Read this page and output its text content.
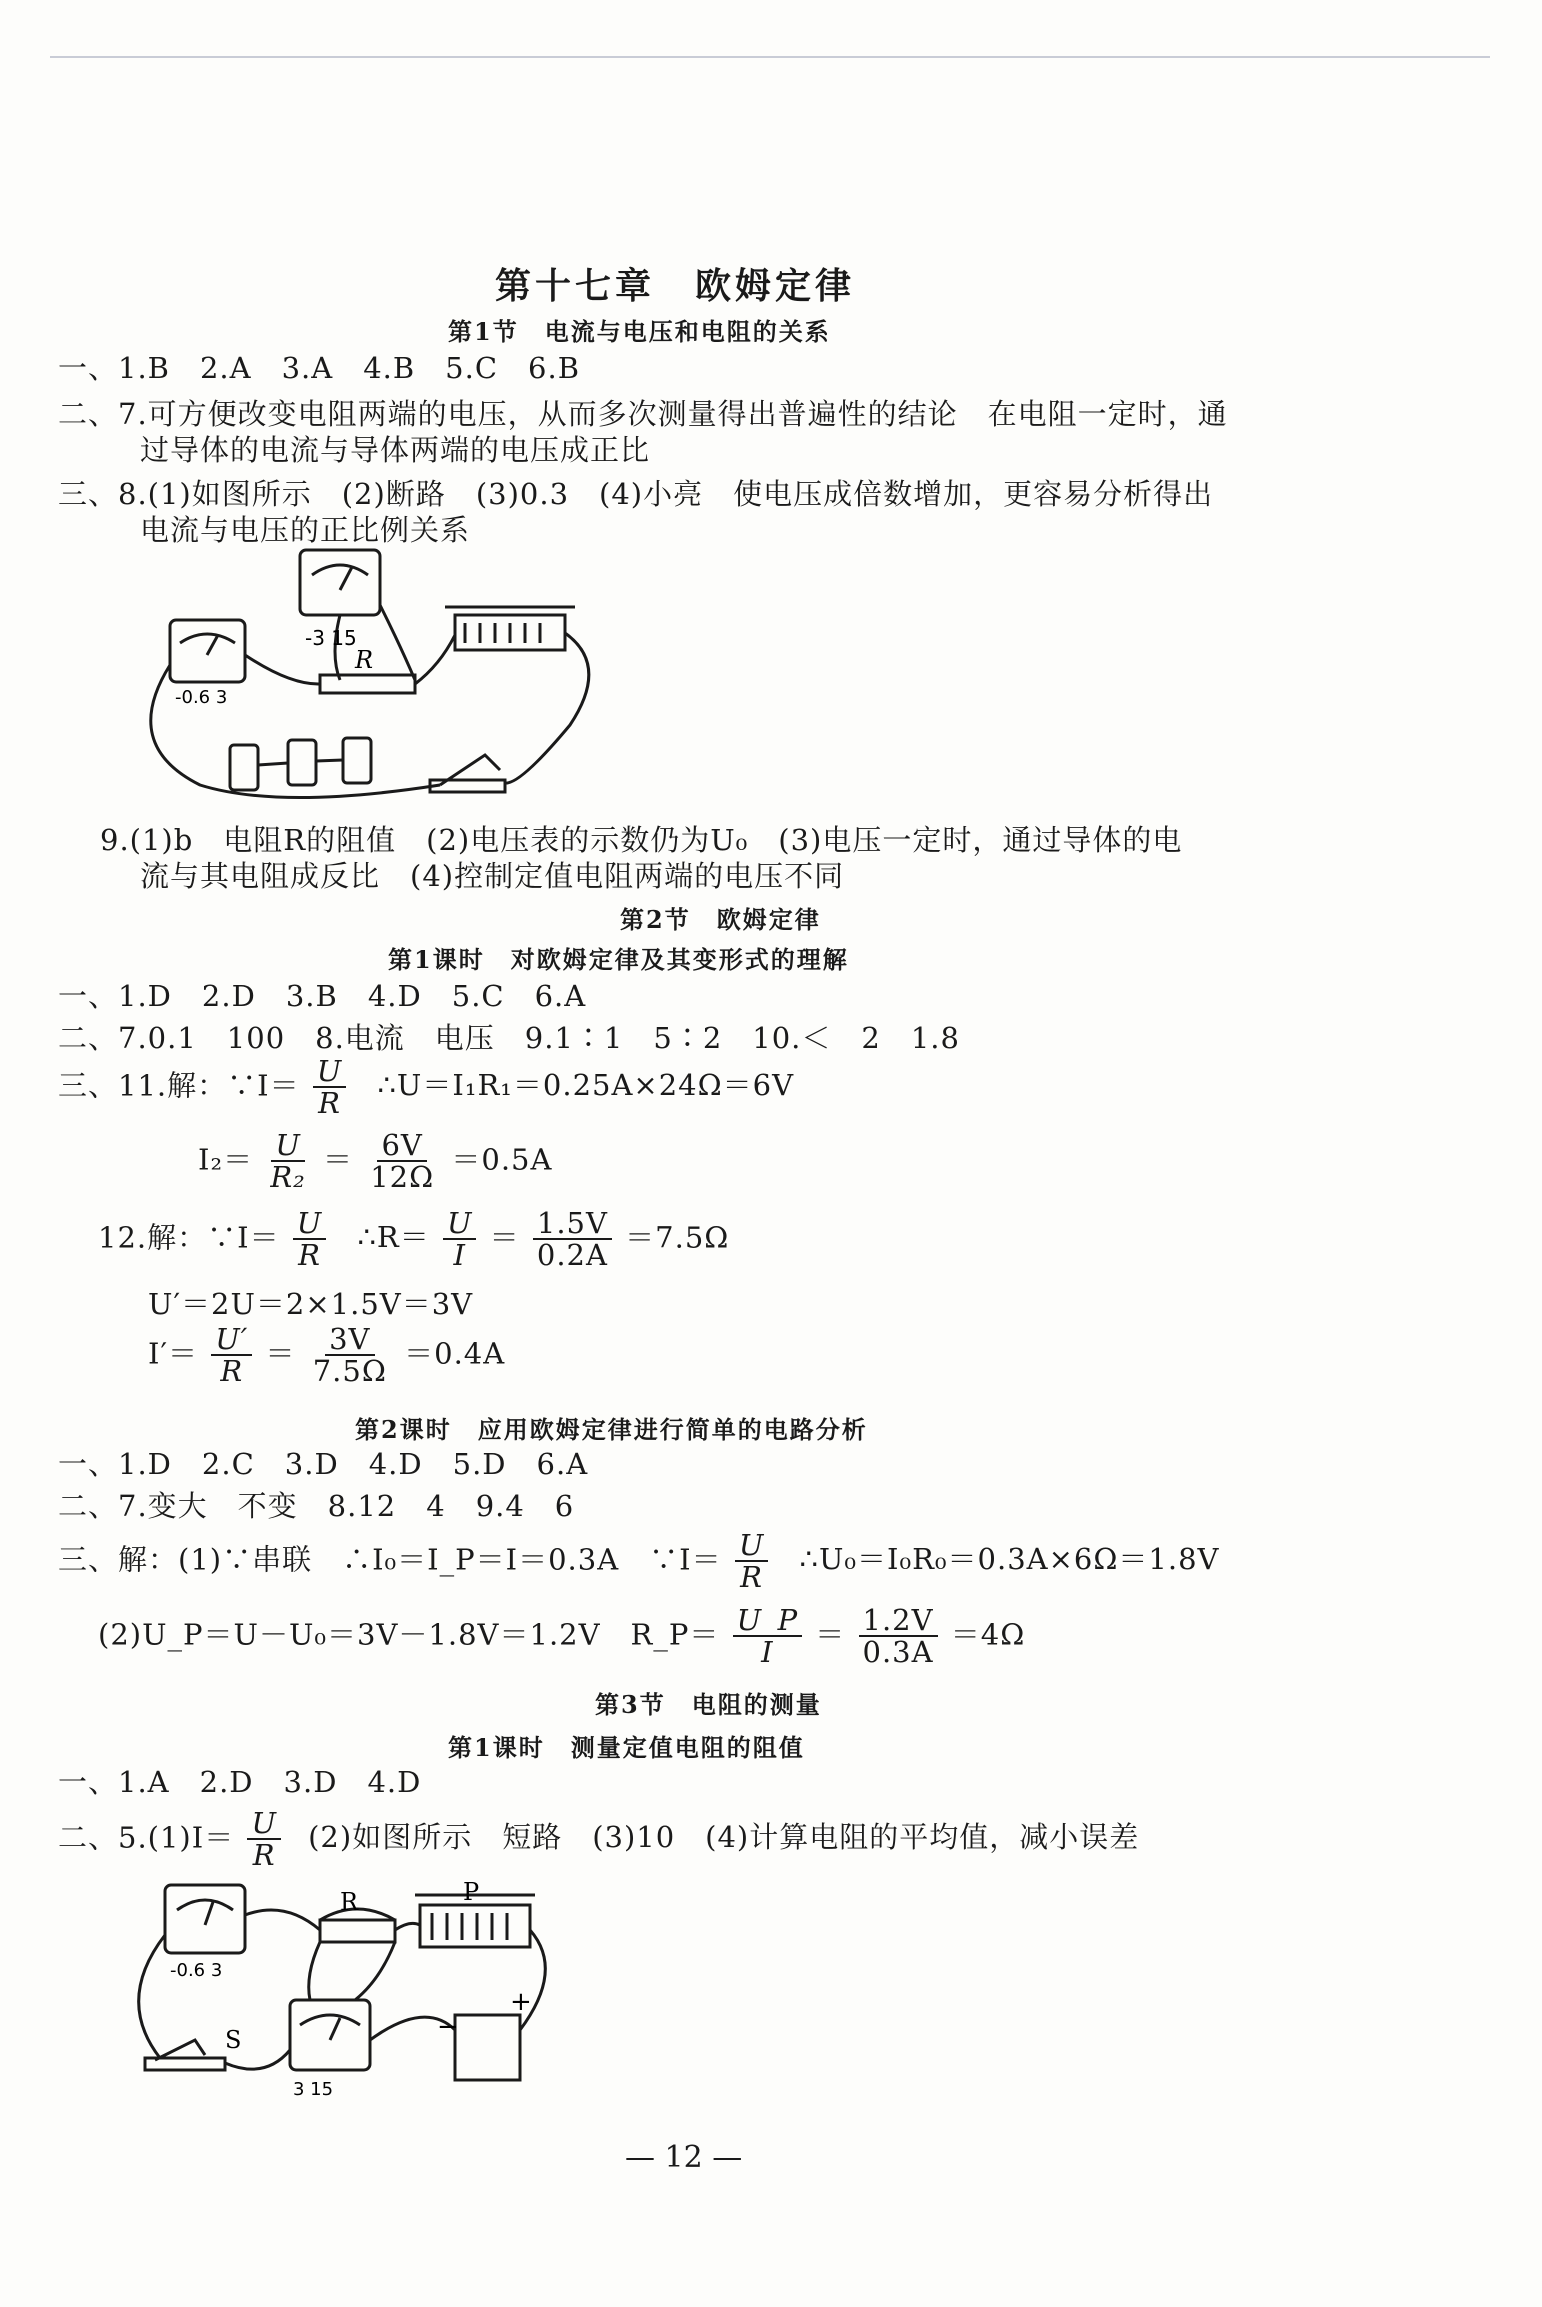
第十七章　欧姆定律
第1节　电流与电压和电阻的关系
一、1.B　2.A　3.A　4.B　5.C　6.B
二、7.可方便改变电阻两端的电压，从而多次测量得出普遍性的结论　在电阻一定时，通
过导体的电流与导体两端的电压成正比
三、8.(1)如图所示　(2)断路　(3)0.3　(4)小亮　使电压成倍数增加，更容易分析得出
电流与电压的正比例关系
-3 15
-0.6 3
R
9.(1)b　电阻R的阻值　(2)电压表的示数仍为U₀　(3)电压一定时，通过导体的电
流与其电阻成反比　(4)控制定值电阻两端的电压不同
第2节　欧姆定律
第1课时　对欧姆定律及其变形式的理解
一、1.D　2.D　3.B　4.D　5.C　6.A
二、7.0.1　100　8.电流　电压　9.1∶1　5∶2　10.＜　2　1.8
三、11.解：∵I＝ $\frac{U}{R}$ ∴U＝I₁R₁＝0.25A×24Ω＝6V
$I_2= \frac{U}{\text{R₂}} = \frac{6V}{12\Omega} =0.5A$
12.解：∵I＝ $\frac{U}{R}$ ∴R＝ $\frac{U}{I} = \frac{1.5V}{0.2A} =7.5\Omega$
U′＝2U＝2×1.5V＝3V
$I'= \frac{U'}{R} = \frac{3V}{7.5\Omega} =0.4A$
第2课时　应用欧姆定律进行简单的电路分析
一、1.D　2.C　3.D　4.D　5.D　6.A
二、7.变大　不变　8.12　4　9.4　6
三、解：(1)∵串联　∴I₀＝I_P＝I＝0.3A　∵I＝ $\frac{U}{R}$ ∴U₀＝I₀R₀＝0.3A×6Ω＝1.8V
(2)U_P＝U－U₀＝3V－1.8V＝1.2V　R_P＝ $\frac{U\_P}{I} = \frac{1.2V}{0.3A} =4\Omega$
第3节　电阻的测量
第1课时　测量定值电阻的阻值
一、1.A　2.D　3.D　4.D
二、$5.(1)I= \frac{U}{R} (2)$如图所示　短路　(3)10　(4)计算电阻的平均值，减小误差
-0.6 3
3 15
R	P
S
+
−
— 12 —
